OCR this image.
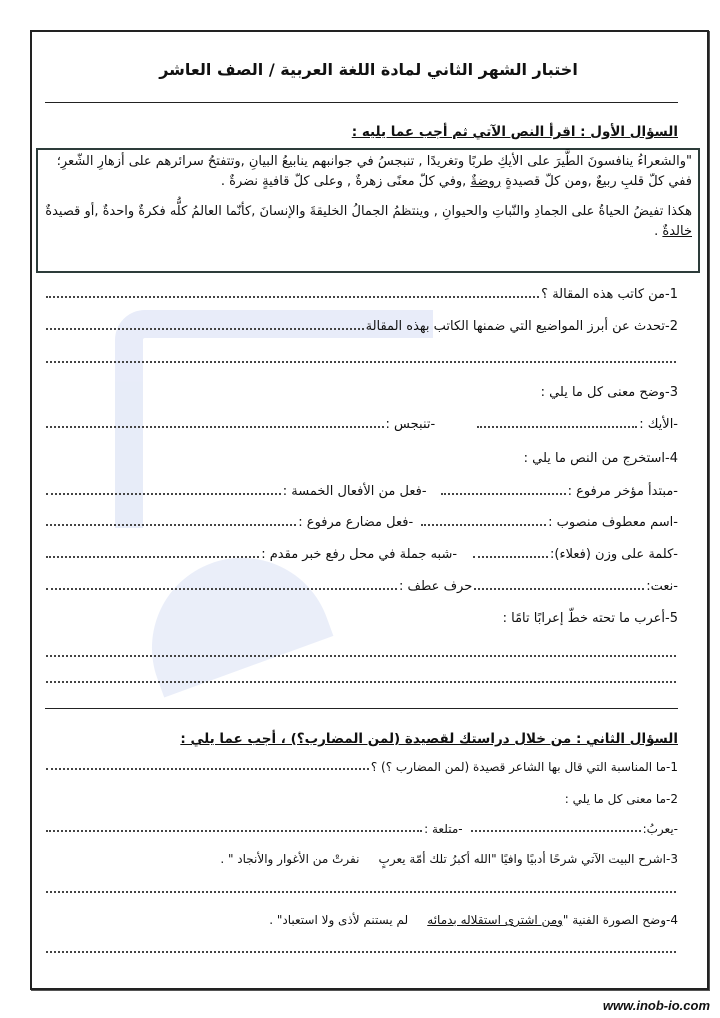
اختبار الشهر الثاني لمادة اللغة العربية / الصف العاشر
السؤال الأول : اقرأ النص الآتي ثم أجب عما يليه :

"والشعراءُ ينافسونَ الطَّيرَ على الأيكِ طربًا وتغريدًا , تنبجسُ في جوانبهم ينابيعُ البيانِ ,وتتفتحُ سرائرهم على أزهارِ الشّعرِ؛ ففي كلّ قلبِ ربيعٌ ,ومن كلّ قصيدةٍ روضةٌ ,وفي كلّ معنًى زهرةٌ , وعلى كلّ قافيةٍ نضرةٌ .

هكذا تفيضُ الحياةُ على الجمادِ والنّباتِ والحيوانِ , وينتظمُ الجمالُ الخليقةَ والإنسانَ ,كأنّما العالمُ كلُّه فكرةٌ واحدةٌ ,أو قصيدةٌ خالدةٌ .

1-من كاتب هذه المقالة ؟
2-تحدث عن أبرز المواضيع التي ضمنها الكاتب بهذه المقالة
3-وضح معنى كل ما يلي :
-الأيك :
-تنبجس :
4-استخرج من النص ما يلي :
-مبتدأ مؤخر مرفوع :
-فعل من الأفعال الخمسة :
-اسم معطوف منصوب :
-فعل مضارع مرفوع :
-كلمة على وزن (فعلاء):
-شبه جملة في محل رفع خبر مقدم :
-نعت:
حرف عطف :
5-أعرب ما تحته خطّ إعرابًا تامًا :
السؤال الثاني : من خلال دراستك لقصيدة (لمن المضارب؟) ، أجب عما يلي :
1-ما المناسبة التي قال بها الشاعر قصيدة (لمن المضارب ؟) ؟
2-ما معنى كل ما يلي :
-يعربُ:
-متلعة :
3-اشرح البيت الآتي شرحًا أدبيًا وافيًا "الله أكبرُ تلك أمّة يعربٍ     نفرتْ من الأغوار والأنجاد " .
4-وضح الصورة الفنية "ومن اشترى استقلاله بدمائه     لم يستنم لأذى ولا استعباد" .
www.inob-io.com
